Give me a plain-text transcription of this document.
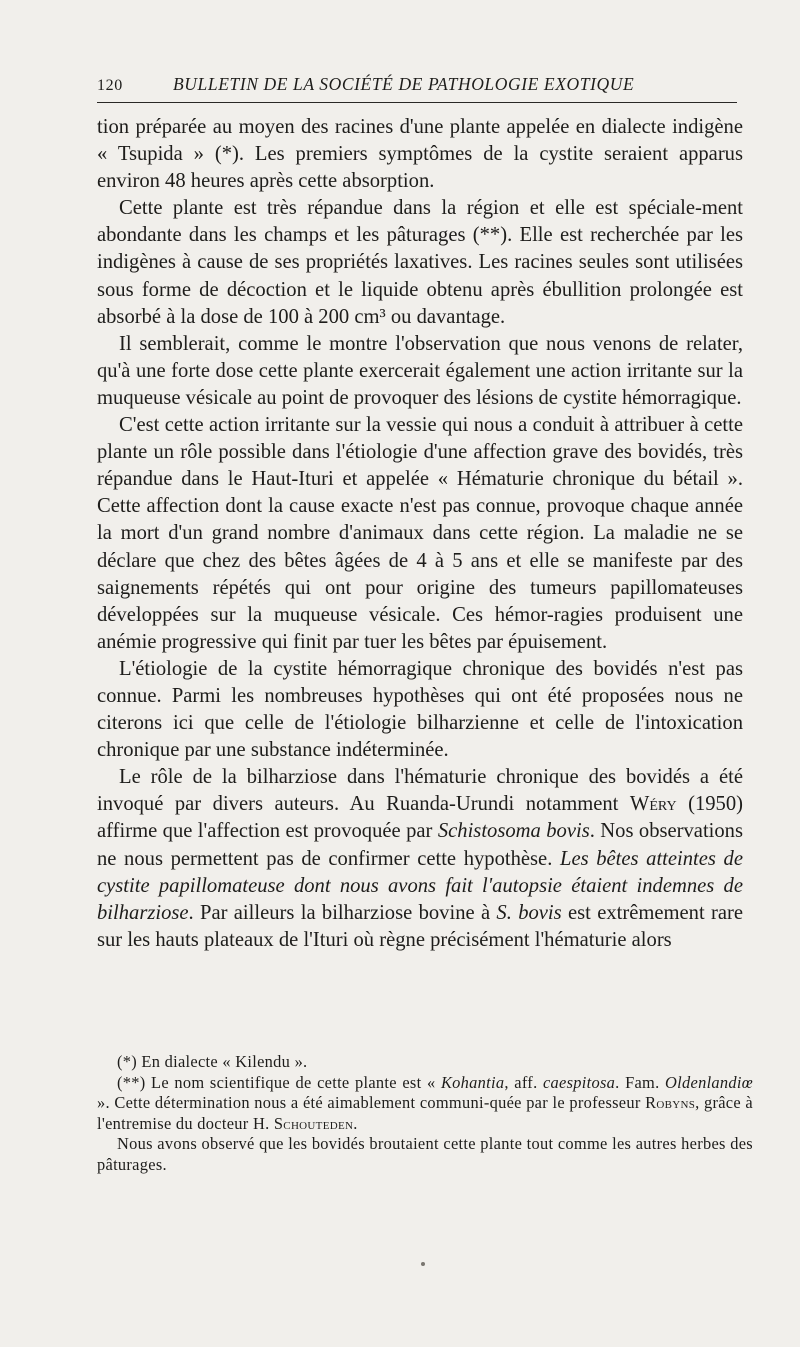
120	BULLETIN DE LA SOCIÉTÉ DE PATHOLOGIE EXOTIQUE

tion préparée au moyen des racines d'une plante appelée en dialecte indigène « Tsupida » (*). Les premiers symptômes de la cystite seraient apparus environ 48 heures après cette absorption.

Cette plante est très répandue dans la région et elle est spéciale-ment abondante dans les champs et les pâturages (**). Elle est recherchée par les indigènes à cause de ses propriétés laxatives. Les racines seules sont utilisées sous forme de décoction et le liquide obtenu après ébullition prolongée est absorbé à la dose de 100 à 200 cm³ ou davantage.

Il semblerait, comme le montre l'observation que nous venons de relater, qu'à une forte dose cette plante exercerait également une action irritante sur la muqueuse vésicale au point de provoquer des lésions de cystite hémorragique.

C'est cette action irritante sur la vessie qui nous a conduit à attribuer à cette plante un rôle possible dans l'étiologie d'une affection grave des bovidés, très répandue dans le Haut-Ituri et appelée « Hématurie chronique du bétail ». Cette affection dont la cause exacte n'est pas connue, provoque chaque année la mort d'un grand nombre d'animaux dans cette région. La maladie ne se déclare que chez des bêtes âgées de 4 à 5 ans et elle se manifeste par des saignements répétés qui ont pour origine des tumeurs papillomateuses développées sur la muqueuse vésicale. Ces hémor-ragies produisent une anémie progressive qui finit par tuer les bêtes par épuisement.

L'étiologie de la cystite hémorragique chronique des bovidés n'est pas connue. Parmi les nombreuses hypothèses qui ont été proposées nous ne citerons ici que celle de l'étiologie bilharzienne et celle de l'intoxication chronique par une substance indéterminée.

Le rôle de la bilharziose dans l'hématurie chronique des bovidés a été invoqué par divers auteurs. Au Ruanda-Urundi notamment Wéry (1950) affirme que l'affection est provoquée par Schistosoma bovis. Nos observations ne nous permettent pas de confirmer cette hypothèse. Les bêtes atteintes de cystite papillomateuse dont nous avons fait l'autopsie étaient indemnes de bilharziose. Par ailleurs la bilharziose bovine à S. bovis est extrêmement rare sur les hauts plateaux de l'Ituri où règne précisément l'hématurie alors

(*) En dialecte « Kilendu ».

(**) Le nom scientifique de cette plante est « Kohantia, aff. caespitosa. Fam. Oldenlandiœ ». Cette détermination nous a été aimablement communi-quée par le professeur Robyns, grâce à l'entremise du docteur H. Schouteden.

Nous avons observé que les bovidés broutaient cette plante tout comme les autres herbes des pâturages.
